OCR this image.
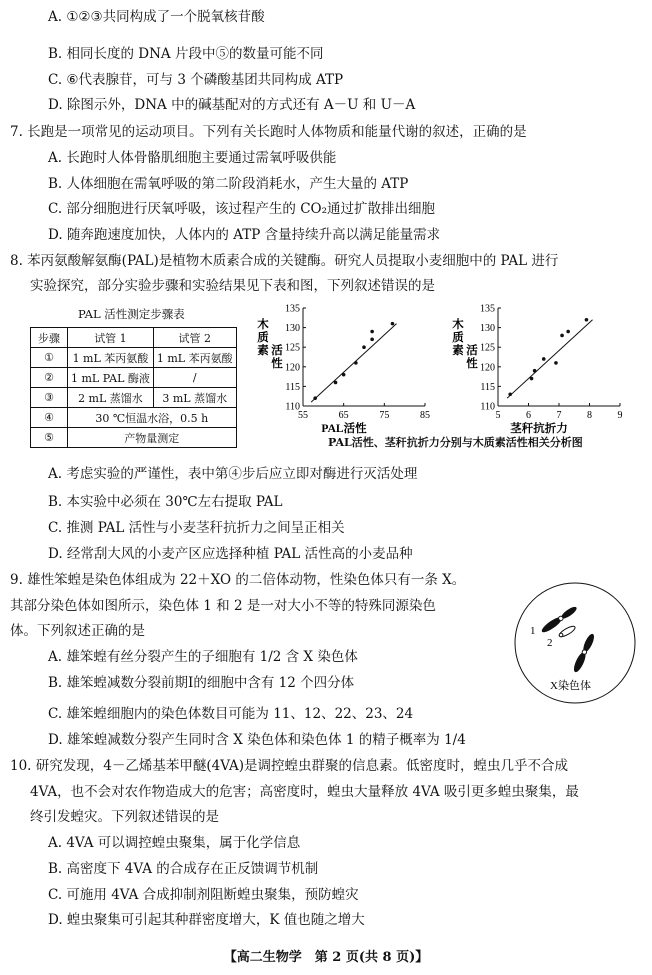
A. ①②③共同构成了一个脱氧核苷酸
B. 相同长度的 DNA 片段中⑤的数量可能不同
C. ⑥代表腺苷，可与 3 个磷酸基团共同构成 ATP
D. 除图示外，DNA 中的碱基配对的方式还有 A－U 和 U－A
7. 长跑是一项常见的运动项目。下列有关长跑时人体物质和能量代谢的叙述，正确的是
A. 长跑时人体骨骼肌细胞主要通过需氧呼吸供能
B. 人体细胞在需氧呼吸的第二阶段消耗水，产生大量的 ATP
C. 部分细胞进行厌氧呼吸，该过程产生的 CO₂通过扩散排出细胞
D. 随奔跑速度加快，人体内的 ATP 含量持续升高以满足能量需求
8. 苯丙氨酸解氨酶(PAL)是植物木质素合成的关键酶。研究人员提取小麦细胞中的 PAL 进行
实验探究，部分实验步骤和实验结果见下表和图，下列叙述错误的是
PAL 活性测定步骤表
步骤	试管 1	试管 2
①	1 mL 苯丙氨酸	1 mL 苯丙氨酸
②	1 mL PAL 酶液	/
③	2 mL 蒸馏水	3 mL 蒸馏水
④	30 ℃恒温水浴，0.5 h	
⑤	产物量测定	
110
115
120
125
130
135
55	65	75	85
木
质
素 活
性
PAL活性
110
115
120
125
130
135
5	6	7	8	9
木
质
素 活
性
茎秆抗折力
PAL活性、茎秆抗折力分别与木质素活性相关分析图
A. 考虑实验的严谨性，表中第④步后应立即对酶进行灭活处理
B. 本实验中必须在 30℃左右提取 PAL
C. 推测 PAL 活性与小麦茎秆抗折力之间呈正相关
D. 经常刮大风的小麦产区应选择种植 PAL 活性高的小麦品种
9. 雄性笨蝗是染色体组成为 22＋XO 的二倍体动物，性染色体只有一条 X。
其部分染色体如图所示，染色体 1 和 2 是一对大小不等的特殊同源染色
体。下列叙述正确的是
A. 雄笨蝗有丝分裂产生的子细胞有 1/2 含 X 染色体
B. 雄笨蝗减数分裂前期Ⅰ的细胞中含有 12 个四分体
C. 雄笨蝗细胞内的染色体数目可能为 11、12、22、23、24
D. 雄笨蝗减数分裂产生同时含 X 染色体和染色体 1 的精子概率为 1/4
1
2
X染色体
10. 研究发现，4－乙烯基苯甲醚(4VA)是调控蝗虫群聚的信息素。低密度时，蝗虫几乎不合成
4VA，也不会对农作物造成大的危害；高密度时，蝗虫大量释放 4VA 吸引更多蝗虫聚集，最
终引发蝗灾。下列叙述错误的是
A. 4VA 可以调控蝗虫聚集，属于化学信息
B. 高密度下 4VA 的合成存在正反馈调节机制
C. 可施用 4VA 合成抑制剂阻断蝗虫聚集，预防蝗灾
D. 蝗虫聚集可引起其种群密度增大，K 值也随之增大
【高二生物学　第 2 页(共 8 页)】
